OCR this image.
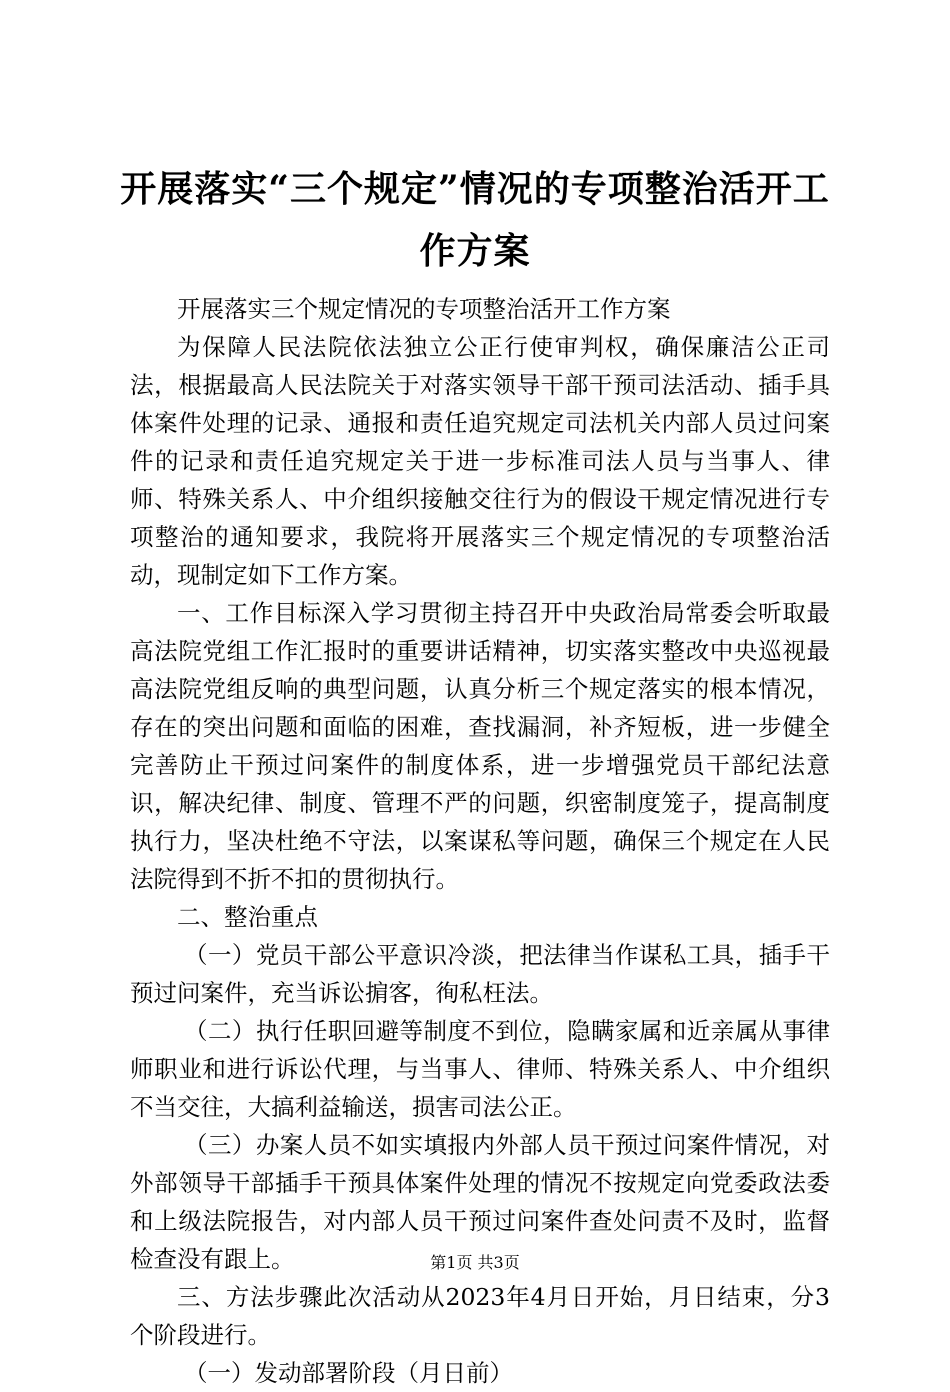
开展落实“三个规定”情况的专项整治活开工作方案

开展落实三个规定情况的专项整治活开工作方案

为保障人民法院依法独立公正行使审判权，确保廉洁公正司法，根据最高人民法院关于对落实领导干部干预司法活动、插手具体案件处理的记录、通报和责任追究规定司法机关内部人员过问案件的记录和责任追究规定关于进一步标准司法人员与当事人、律师、特殊关系人、中介组织接触交往行为的假设干规定情况进行专项整治的通知要求，我院将开展落实三个规定情况的专项整治活动，现制定如下工作方案。

一、工作目标深入学习贯彻主持召开中央政治局常委会听取最高法院党组工作汇报时的重要讲话精神，切实落实整改中央巡视最高法院党组反响的典型问题，认真分析三个规定落实的根本情况，存在的突出问题和面临的困难，查找漏洞，补齐短板，进一步健全完善防止干预过问案件的制度体系，进一步增强党员干部纪法意识，解决纪律、制度、管理不严的问题，织密制度笼子，提高制度执行力，坚决杜绝不守法，以案谋私等问题，确保三个规定在人民法院得到不折不扣的贯彻执行。

二、整治重点

（一）党员干部公平意识冷淡，把法律当作谋私工具，插手干预过问案件，充当诉讼掮客，徇私枉法。

（二）执行任职回避等制度不到位，隐瞒家属和近亲属从事律师职业和进行诉讼代理，与当事人、律师、特殊关系人、中介组织不当交往，大搞利益输送，损害司法公正。

（三）办案人员不如实填报内外部人员干预过问案件情况，对外部领导干部插手干预具体案件处理的情况不按规定向党委政法委和上级法院报告，对内部人员干预过问案件查处问责不及时，监督检查没有跟上。

三、方法步骤此次活动从2023年4月日开始，月日结束，分3个阶段进行。

（一）发动部署阶段（月日前）

第1页 共3页
